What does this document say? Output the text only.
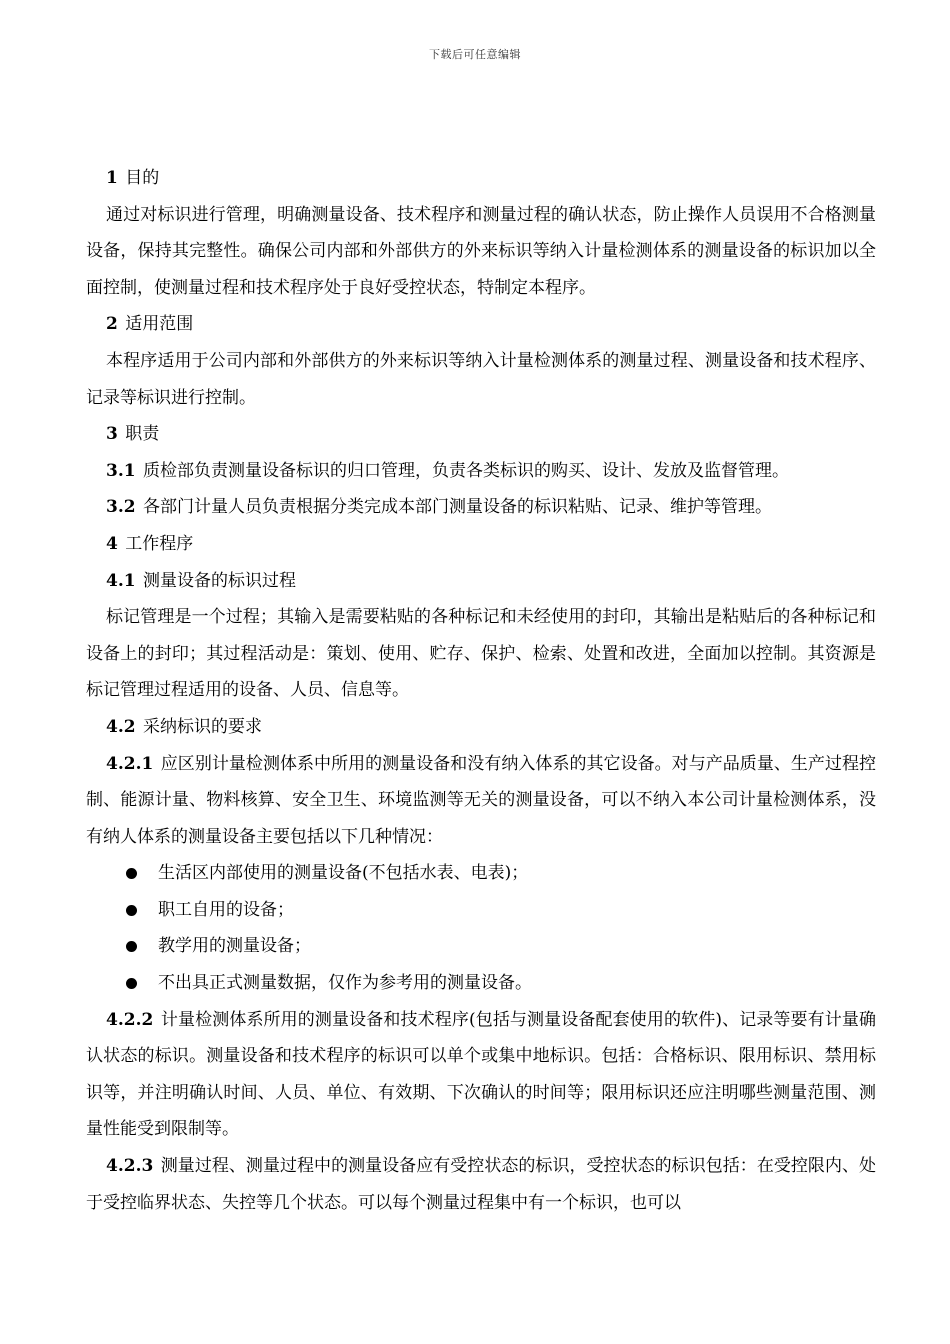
下载后可任意编辑

1 目的

通过对标识进行管理，明确测量设备、技术程序和测量过程的确认状态，防止操作人员误用不合格测量设备，保持其完整性。确保公司内部和外部供方的外来标识等纳入计量检测体系的测量设备的标识加以全面控制，使测量过程和技术程序处于良好受控状态，特制定本程序。

2 适用范围

本程序适用于公司内部和外部供方的外来标识等纳入计量检测体系的测量过程、测量设备和技术程序、记录等标识进行控制。

3 职责

3.1 质检部负责测量设备标识的归口管理，负责各类标识的购买、设计、发放及监督管理。

3.2 各部门计量人员负责根据分类完成本部门测量设备的标识粘贴、记录、维护等管理。

4 工作程序

4.1 测量设备的标识过程

标记管理是一个过程；其输入是需要粘贴的各种标记和未经使用的封印，其输出是粘贴后的各种标记和设备上的封印；其过程活动是：策划、使用、贮存、保护、检索、处置和改进，全面加以控制。其资源是标记管理过程适用的设备、人员、信息等。

4.2 采纳标识的要求

4.2.1 应区别计量检测体系中所用的测量设备和没有纳入体系的其它设备。对与产品质量、生产过程控制、能源计量、物料核算、安全卫生、环境监测等无关的测量设备，可以不纳入本公司计量检测体系，没有纳人体系的测量设备主要包括以下几种情况：

生活区内部使用的测量设备(不包括水表、电表)；

职工自用的设备；

教学用的测量设备；

不出具正式测量数据，仅作为参考用的测量设备。

4.2.2 计量检测体系所用的测量设备和技术程序(包括与测量设备配套使用的软件)、记录等要有计量确认状态的标识。测量设备和技术程序的标识可以单个或集中地标识。包括：合格标识、限用标识、禁用标识等，并注明确认时间、人员、单位、有效期、下次确认的时间等；限用标识还应注明哪些测量范围、测量性能受到限制等。

4.2.3 测量过程、测量过程中的测量设备应有受控状态的标识，受控状态的标识包括：在受控限内、处于受控临界状态、失控等几个状态。可以每个测量过程集中有一个标识，也可以
